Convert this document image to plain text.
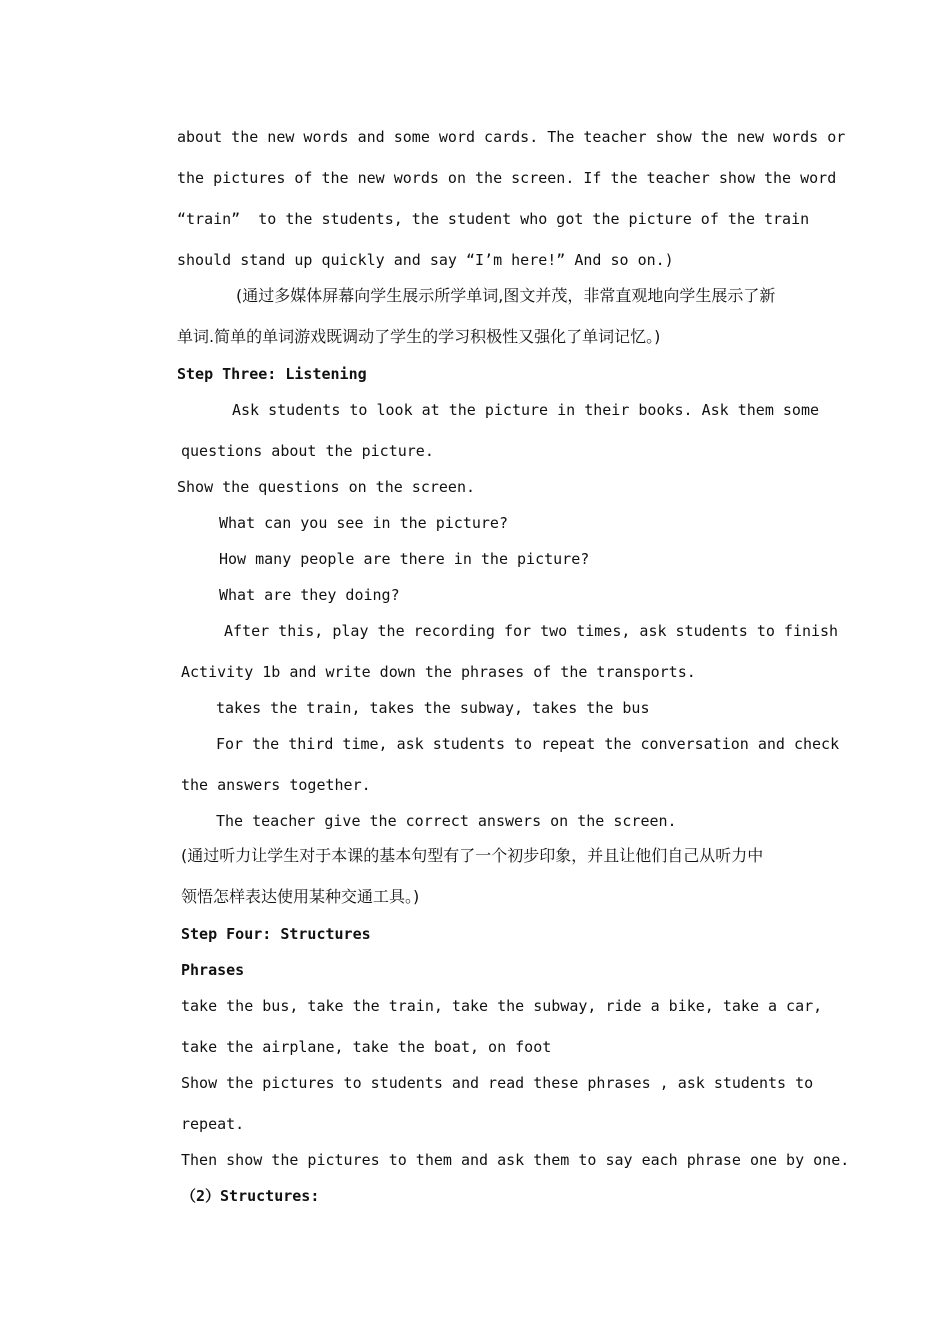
about the new words and some word cards. The teacher show the new words or
the pictures of the new words on the screen. If the teacher show the word
“train”  to the students, the student who got the picture of the train
should stand up quickly and say “I’m here!” And so on.)
(通过多媒体屏幕向学生展示所学单词,图文并茂，非常直观地向学生展示了新
单词.简单的单词游戏既调动了学生的学习积极性又强化了单词记忆。)
Step Three: Listening
Ask students to look at the picture in their books. Ask them some
questions about the picture.
Show the questions on the screen.
What can you see in the picture?
How many people are there in the picture?
What are they doing?
After this, play the recording for two times, ask students to finish
Activity 1b and write down the phrases of the transports.
takes the train, takes the subway, takes the bus
For the third time, ask students to repeat the conversation and check
the answers together.
The teacher give the correct answers on the screen.
(通过听力让学生对于本课的基本句型有了一个初步印象，并且让他们自己从听力中
领悟怎样表达使用某种交通工具。)
Step Four: Structures
Phrases
take the bus, take the train, take the subway, ride a bike, take a car,
take the airplane, take the boat, on foot
Show the pictures to students and read these phrases , ask students to
repeat.
Then show the pictures to them and ask them to say each phrase one by one.
（2）Structures:
